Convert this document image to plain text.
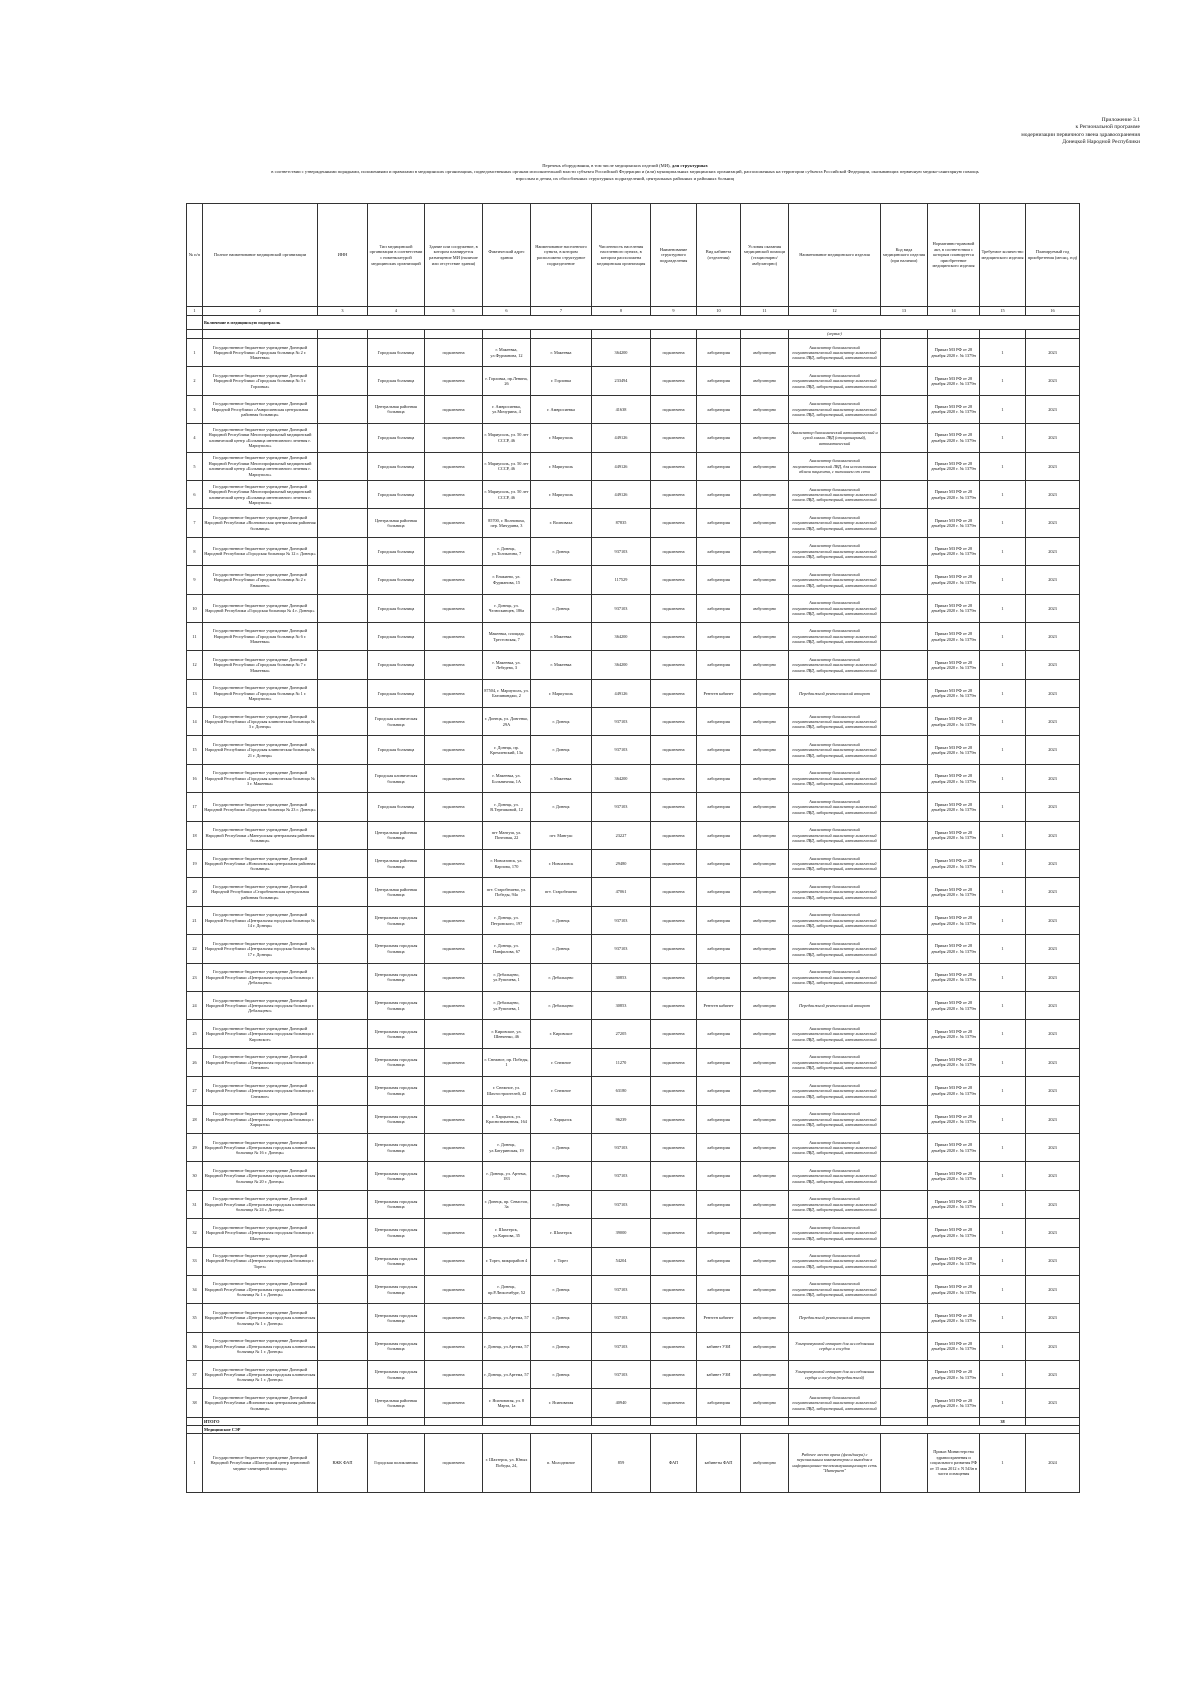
Приложение 3.1
к Региональной программе
модернизации первичного звена здравоохранения
Донецкой Народной Республики
Перечень оборудования, в том числе медицинских изделий (МИ), для структурных
в соответствии с утвержденными порядками, положениями и правилами в медицинских организациях, подведомственных органам исполнительной власти субъекта Российской Федерации и (или) муниципальных медицинских организаций, расположенных на территории субъекта Российской Федерации, оказывающих первичную медико-санитарную помощь
взрослым и детям, их обособленных структурных подразделений, центральных районных и районных больниц
№ п/п	Полное наименование медицинской организации	ИНН	Тип медицинской организации в соответствии с номенклатурой медицинских организаций	Здание или сооружение, в котором планируется размещение МИ (наличие или отсутствие здания)	Фактический адрес здания	Наименование населенного пункта, в котором расположено структурное подразделение	Численность населения населенного пункта, в котором расположена медицинская организация	Наименование структурного подразделения	Вид кабинета (отделения)	Условия оказания медицинской помощи (стационарно/амбулаторно)	Наименование медицинского изделия	Код вида медицинского изделия (при наличии)	Нормативно-правовой акт, в соответствии с которым планируется приобретение медицинского изделия	Требуемое количество медицинского изделия	Планируемый год приобретения (месяц, год)
1	2	3	4	5	6	7	8	9	10	11	12	13	14	15	16
	Включение в медицинскую подотрасль														
											(сервис)				
1	Государственное бюджетное учреждение Донецкой Народной Республики «Городская больница № 2 г. Макеевка»		Городская больница	подключена	г. Макеевка, ул.Фурманова, 12	г. Макеевка	364200	подключена	лаборатория	амбулаторно	Анализатор биохимический полуавтоматический анализатор химический планов ЛВД, лабораторный, автоматический		Приказ МЗ РФ от 28 декабря 2020 г. № 1379н	1	2023
2	Государственное бюджетное учреждение Донецкой Народной Республики «Городская больница № 3 г. Горловка»		Городская больница	подключена	г. Горловка, пр.Ленина, 26	г. Горловка	233494	подключена	лаборатория	амбулаторно	Анализатор биохимический полуавтоматический анализатор химический планов ЛВД, лабораторный, автоматический		Приказ МЗ РФ от 28 декабря 2020 г. № 1379н	1	2023
3	Государственное бюджетное учреждение Донецкой Народной Республики «Амвросиевская центральная районная больница»		Центральная районная больница	подключена	г. Амвросиевка, ул.Мичурина, 4	г. Амвросиевка	41638	подключена	лаборатория	амбулаторно	Анализатор биохимический полуавтоматический анализатор химический планов ЛВД, лабораторный, автоматический		Приказ МЗ РФ от 28 декабря 2020 г. № 1379н	1	2023
4	Государственное бюджетное учреждение Донецкой Народной Республики Многопрофильный медицинский клинический центр «Больница интенсивного лечения г. Мариуполь»		Городская больница	подключена	г. Мариуполь, ул. 50 лет СССР, 46	г. Мариуполь	449126	подключена	лаборатория	амбулаторно	Анализатор биохимический автоматический и сухой химии ЛВД (стационарный), автоматический		Приказ МЗ РФ от 28 декабря 2020 г. № 1379н	1	2023
5	Государственное бюджетное учреждение Донецкой Народной Республики Многопрофильный медицинский клинический центр «Больница интенсивного лечения г. Мариуполь»		Городская больница	подключена	г. Мариуполь, ул. 50 лет СССР, 46	г. Мариуполь	449126	подключена	лаборатория	амбулаторно	Анализатор биохимический полуавтоматический ЛВД, для использования вблизи пациента, с питанием от сети		Приказ МЗ РФ от 28 декабря 2020 г. № 1379н	1	2023
6	Государственное бюджетное учреждение Донецкой Народной Республики Многопрофильный медицинский клинический центр «Больница интенсивного лечения г. Мариуполь»		Городская больница	подключена	г. Мариуполь, ул. 50 лет СССР, 46	г. Мариуполь	449126	подключена	лаборатория	амбулаторно	Анализатор биохимический полуавтоматический анализатор химический планов ЛВД, лабораторный, автоматический		Приказ МЗ РФ от 28 декабря 2020 г. № 1379н	1	2023
7	Государственное бюджетное учреждение Донецкой Народной Республики «Волновахская центральная районная больница»		Центральная районная больница	подключена	85700, г. Волноваха, пер. Мичурина, 3	г. Волноваха	87835	подключена	лаборатория	амбулаторно	Анализатор биохимический полуавтоматический анализатор химический планов ЛВД, лабораторный, автоматический		Приказ МЗ РФ от 28 декабря 2020 г. № 1379н	1	2023
8	Государственное бюджетное учреждение Донецкой Народной Республики «Городская больница № 12 г. Донецк»		Городская больница	подключена	г. Донецк, ул.Толпыгина, 7	г. Донецк	937103	подключена	лаборатория	амбулаторно	Анализатор биохимический полуавтоматический анализатор химический планов ЛВД, лабораторный, автоматический		Приказ МЗ РФ от 28 декабря 2020 г. № 1379н	1	2023
9	Государственное бюджетное учреждение Донецкой Народной Республики «Городская больница № 2 г. Енакиево»		Городская больница	подключена	г. Енакиево, ул. Фурманова, 15	г. Енакиево	117529	подключена	лаборатория	амбулаторно	Анализатор биохимический полуавтоматический анализатор химический планов ЛВД, лабораторный, автоматический		Приказ МЗ РФ от 28 декабря 2020 г. № 1379н	1	2023
10	Государственное бюджетное учреждение Донецкой Народной Республики «Городская больница № 4 г. Донецк»		Городская больница	подключена	г. Донецк, ул. Челюскинцев, 186а	г. Донецк	937103	подключена	лаборатория	амбулаторно	Анализатор биохимический полуавтоматический анализатор химический планов ЛВД, лабораторный, автоматический		Приказ МЗ РФ от 28 декабря 2020 г. № 1379н	1	2023
11	Государственное бюджетное учреждение Донецкой Народной Республики «Городская больница № 6 г. Макеевка»		Городская больница	подключена	Макеевка, площадь Трестовская, 7	г. Макеевка	364200	подключена	лаборатория	амбулаторно	Анализатор биохимический полуавтоматический анализатор химический планов ЛВД, лабораторный, автоматический		Приказ МЗ РФ от 28 декабря 2020 г. № 1379н	1	2023
12	Государственное бюджетное учреждение Донецкой Народной Республики «Городская больница № 7 г. Макеевка»		Городская больница	подключена	г. Макеевка, ул. Лебедева, 3	г. Макеевка	364200	подключена	лаборатория	амбулаторно	Анализатор биохимический полуавтоматический анализатор химический планов ЛВД, лабораторный, автоматический		Приказ МЗ РФ от 28 декабря 2020 г. № 1379н	1	2023
13	Государственное бюджетное учреждение Донецкой Народной Республики «Городская больница № 1 г. Мариуполь»		Городская больница	подключена	87504, г. Мариуполь, ул. Бахчиванджи, 2	г. Мариуполь	449126	подключена	Рентген кабинет	амбулаторно	Передвижной рентгеновский аппарат		Приказ МЗ РФ от 28 декабря 2020 г. № 1379н	1	2023
14	Государственное бюджетное учреждение Донецкой Народной Республики «Городская клиническая больница № 3 г. Донецк»		Городская клиническая больница	подключена	г. Донецк, ул. Довгенко, 29А	г. Донецк	937103	подключена	лаборатория	амбулаторно	Анализатор биохимический полуавтоматический анализатор химический планов ЛВД, лабораторный, автоматический		Приказ МЗ РФ от 28 декабря 2020 г. № 1379н	1	2023
15	Государственное бюджетное учреждение Донецкой Народной Республики «Городская клиническая больница № 21 г. Донецк»		Городская больница	подключена	г. Донецк, пр. Кремлевский, 13а	г. Донецк	937103	подключена	лаборатория	амбулаторно	Анализатор биохимический полуавтоматический анализатор химический планов ЛВД, лабораторный, автоматический		Приказ МЗ РФ от 28 декабря 2020 г. № 1379н	1	2023
16	Государственное бюджетное учреждение Донецкой Народной Республики «Городская клиническая больница № 3 г. Макеевка»		Городская клиническая больница	подключена	г. Макеевка, ул. Больничная, 1А	г. Макеевка	364200	подключена	лаборатория	амбулаторно	Анализатор биохимический полуавтоматический анализатор химический планов ЛВД, лабораторный, автоматический		Приказ МЗ РФ от 28 декабря 2020 г. № 1379н	1	2023
17	Государственное бюджетное учреждение Донецкой Народной Республики «Городская больница № 23 г. Донецк»		Городская больница	подключена	г. Донецк, ул. В.Терешковой, 12	г. Донецк	937103	подключена	лаборатория	амбулаторно	Анализатор биохимический полуавтоматический анализатор химический планов ЛВД, лабораторный, автоматический		Приказ МЗ РФ от 28 декабря 2020 г. № 1379н	1	2023
18	Государственное бюджетное учреждение Донецкой Народной Республики «Мангушская центральная районная больница»		Центральная районная больница	подключена	пгт Мангуш, ул. Почтовая, 22	пгт. Мангуш	23227	подключена	лаборатория	амбулаторно	Анализатор биохимический полуавтоматический анализатор химический планов ЛВД, лабораторный, автоматический		Приказ МЗ РФ от 28 декабря 2020 г. № 1379н	1	2023
19	Государственное бюджетное учреждение Донецкой Народной Республики «Новоазовская центральная районная больница»		Центральная районная больница	подключена	г. Новоазовск, ул. Карпова, 170	г. Новоазовск	29480	подключена	лаборатория	амбулаторно	Анализатор биохимический полуавтоматический анализатор химический планов ЛВД, лабораторный, автоматический		Приказ МЗ РФ от 28 декабря 2020 г. № 1379н	1	2023
20	Государственное бюджетное учреждение Донецкой Народной Республики «Старобешевская центральная районная больница»		Центральная районная больница	подключена	пгт. Старобешево, ул. Победы, 94а	пгт. Старобешево	47061	подключена	лаборатория	амбулаторно	Анализатор биохимический полуавтоматический анализатор химический планов ЛВД, лабораторный, автоматический		Приказ МЗ РФ от 28 декабря 2020 г. № 1379н	1	2023
21	Государственное бюджетное учреждение Донецкой Народной Республики «Центральная городская больница № 14 г. Донецк»		Центральная городская больница	подключена	г. Донецк, ул. Петровского, 197	г. Донецк	937103	подключена	лаборатория	амбулаторно	Анализатор биохимический полуавтоматический анализатор химический планов ЛВД, лабораторный, автоматический		Приказ МЗ РФ от 28 декабря 2020 г. № 1379н	1	2023
22	Государственное бюджетное учреждение Донецкой Народной Республики «Центральная городская больница № 17 г. Донецк»		Центральная городская больница	подключена	г. Донецк, ул. Панфилова, 67	г. Донецк	937103	подключена	лаборатория	амбулаторно	Анализатор биохимический полуавтоматический анализатор химический планов ЛВД, лабораторный, автоматический		Приказ МЗ РФ от 28 декабря 2020 г. № 1379н	1	2023
23	Государственное бюджетное учреждение Донецкой Народной Республики «Центральная городская больница г. Дебальцево»		Центральная городская больница	подключена	г. Дебальцево, ул.Рупичева, 1	г. Дебальцево	30853	подключена	лаборатория	амбулаторно	Анализатор биохимический полуавтоматический анализатор химический планов ЛВД, лабораторный, автоматический		Приказ МЗ РФ от 28 декабря 2020 г. № 1379н	1	2023
24	Государственное бюджетное учреждение Донецкой Народной Республики «Центральная городская больница г. Дебальцево»		Центральная городская больница	подключена	г. Дебальцево, ул.Рупичева, 1	г. Дебальцево	30853	подключена	Рентген кабинет	амбулаторно	Передвижной рентгеновский аппарат		Приказ МЗ РФ от 28 декабря 2020 г. № 1379н	1	2023
25	Государственное бюджетное учреждение Донецкой Народной Республики «Центральная городская больница г. Кировское»		Центральная городская больница	подключена	г. Кировское, ул. Шевченко, 46	г. Кировское	27205	подключена	лаборатория	амбулаторно	Анализатор биохимический полуавтоматический анализатор химический планов ЛВД, лабораторный, автоматический		Приказ МЗ РФ от 28 декабря 2020 г. № 1379н	1	2023
26	Государственное бюджетное учреждение Донецкой Народной Республики «Центральная городская больница г. Снежное»		Центральная городская больница	подключена	г. Снежное, пр. Победы, 1	г. Снежное	11270	подключена	лаборатория	амбулаторно	Анализатор биохимический полуавтоматический анализатор химический планов ЛВД, лабораторный, автоматический		Приказ МЗ РФ от 28 декабря 2020 г. № 1379н	1	2023
27	Государственное бюджетное учреждение Донецкой Народной Республики «Центральная городская больница г. Снежное»		Центральная городская больница	подключена	г. Снежное, ул. Шахтостроителей, 42	г. Снежное	63180	подключена	лаборатория	амбулаторно	Анализатор биохимический полуавтоматический анализатор химический планов ЛВД, лабораторный, автоматический		Приказ МЗ РФ от 28 декабря 2020 г. № 1379н	1	2023
28	Государственное бюджетное учреждение Донецкой Народной Республики «Центральная городская больница г. Харцызск»		Центральная городская больница	подключена	г. Харцызск, ул. Краснознаменная, 164	г. Харцызск	96239	подключена	лаборатория	амбулаторно	Анализатор биохимический полуавтоматический анализатор химический планов ЛВД, лабораторный, автоматический		Приказ МЗ РФ от 28 декабря 2020 г. № 1379н	1	2023
29	Государственное бюджетное учреждение Донецкой Народной Республики «Центральная городская клиническая больница № 16 г. Донецк»		Центральная городская больница	подключена	г. Донецк, ул.Батуринская, 19	г. Донецк	937103	подключена	лаборатория	амбулаторно	Анализатор биохимический полуавтоматический анализатор химический планов ЛВД, лабораторный, автоматический		Приказ МЗ РФ от 28 декабря 2020 г. № 1379н	1	2023
30	Государственное бюджетное учреждение Донецкой Народной Республики «Центральная городская клиническая больница № 20 г. Донецк»		Центральная городская больница	подключена	г. Донецк, ул. Артема, 183	г. Донецк	937103	подключена	лаборатория	амбулаторно	Анализатор биохимический полуавтоматический анализатор химический планов ЛВД, лабораторный, автоматический		Приказ МЗ РФ от 28 декабря 2020 г. № 1379н	1	2023
31	Государственное бюджетное учреждение Донецкой Народной Республики «Центральная городская клиническая больница № 24 г. Донецк»		Центральная городская больница	подключена	г. Донецк, пр. Севастоп, 3а	г. Донецк	937103	подключена	лаборатория	амбулаторно	Анализатор биохимический полуавтоматический анализатор химический планов ЛВД, лабораторный, автоматический		Приказ МЗ РФ от 28 декабря 2020 г. № 1379н	1	2023
32	Государственное бюджетное учреждение Донецкой Народной Республики «Центральная городская больница г. Шахтерск»		Центральная городская больница	подключена	г. Шахтерск, ул.Карпова, 35	г. Шахтерск	39000	подключена	лаборатория	амбулаторно	Анализатор биохимический полуавтоматический анализатор химический планов ЛВД, лабораторный, автоматический		Приказ МЗ РФ от 28 декабря 2020 г. № 1379н	1	2023
33	Государственное бюджетное учреждение Донецкой Народной Республики «Центральная городская больница г. Торез»		Центральная городская больница	подключена	г. Торез, микрорайон 4	г. Торез	54204	подключена	лаборатория	амбулаторно	Анализатор биохимический полуавтоматический анализатор химический планов ЛВД, лабораторный, автоматический		Приказ МЗ РФ от 28 декабря 2020 г. № 1379н	1	2023
34	Государственное бюджетное учреждение Донецкой Народной Республики «Центральная городская клиническая больница № 1 г. Донецк»		Центральная городская больница	подключена	г. Донецк, пр.Р.Люксембург, 52	г. Донецк	937103	подключена	лаборатория	амбулаторно	Анализатор биохимический полуавтоматический анализатор химический планов ЛВД, лабораторный, автоматический		Приказ МЗ РФ от 28 декабря 2020 г. № 1379н	1	2023
35	Государственное бюджетное учреждение Донецкой Народной Республики «Центральная городская клиническая больница № 1 г. Донецк»		Центральная городская больница	подключена	г. Донецк, ул.Артема, 57	г. Донецк	937103	подключена	Рентген кабинет	амбулаторно	Передвижной рентгеновский аппарат		Приказ МЗ РФ от 28 декабря 2020 г. № 1379н	1	2023
36	Государственное бюджетное учреждение Донецкой Народной Республики «Центральная городская клиническая больница № 1 г. Донецк»		Центральная городская больница	подключена	г. Донецк, ул.Артема, 57	г. Донецк	937103	подключена	кабинет УЗИ	амбулаторно	Ультразвуковой аппарат для исследования сердца и сосудов		Приказ МЗ РФ от 28 декабря 2020 г. № 1379н	1	2023
37	Государственное бюджетное учреждение Донецкой Народной Республики «Центральная городская клиническая больница № 1 г. Донецк»		Центральная городская больница	подключена	г. Донецк, ул.Артема, 57	г. Донецк	937103	подключена	кабинет УЗИ	амбулаторно	Ультразвуковой аппарат для исследования сердца и сосудов (передвижной)		Приказ МЗ РФ от 28 декабря 2020 г. № 1379н	1	2023
38	Государственное бюджетное учреждение Донецкой Народной Республики «Ясиноватская центральная районная больница»		Центральная районная больница	подключена	г. Ясиноватая, ул. 8 Марта, 1а	г. Ясиноватая	40940	подключена	лаборатория	амбулаторно	Анализатор биохимический полуавтоматический анализатор химический планов ЛВД, лабораторный, автоматический		Приказ МЗ РФ от 28 декабря 2020 г. № 1379н	1	2023
	ИТОГО													38	
	Медицинские СЭР														
1	Государственное бюджетное учреждение Донецкой Народной Республики «Шахтерский центр первичной медико-санитарной помощи»	ВЖК ФАП	Городская поликлиника	подключена	г. Шахтерск, ул. Юных Победы, 24,	п. Молодежное	859	ФАП	кабинеты ФАП	амбулаторно	Рабочее место врача (фельдшера) с персональным компьютером и выходом в информационно-телекоммуникационную сеть "Интернет"		Приказ Министерства здравоохранения и социального развития РФ от 15 мая 2012 г. N 543н в части оснащения	1	2024
